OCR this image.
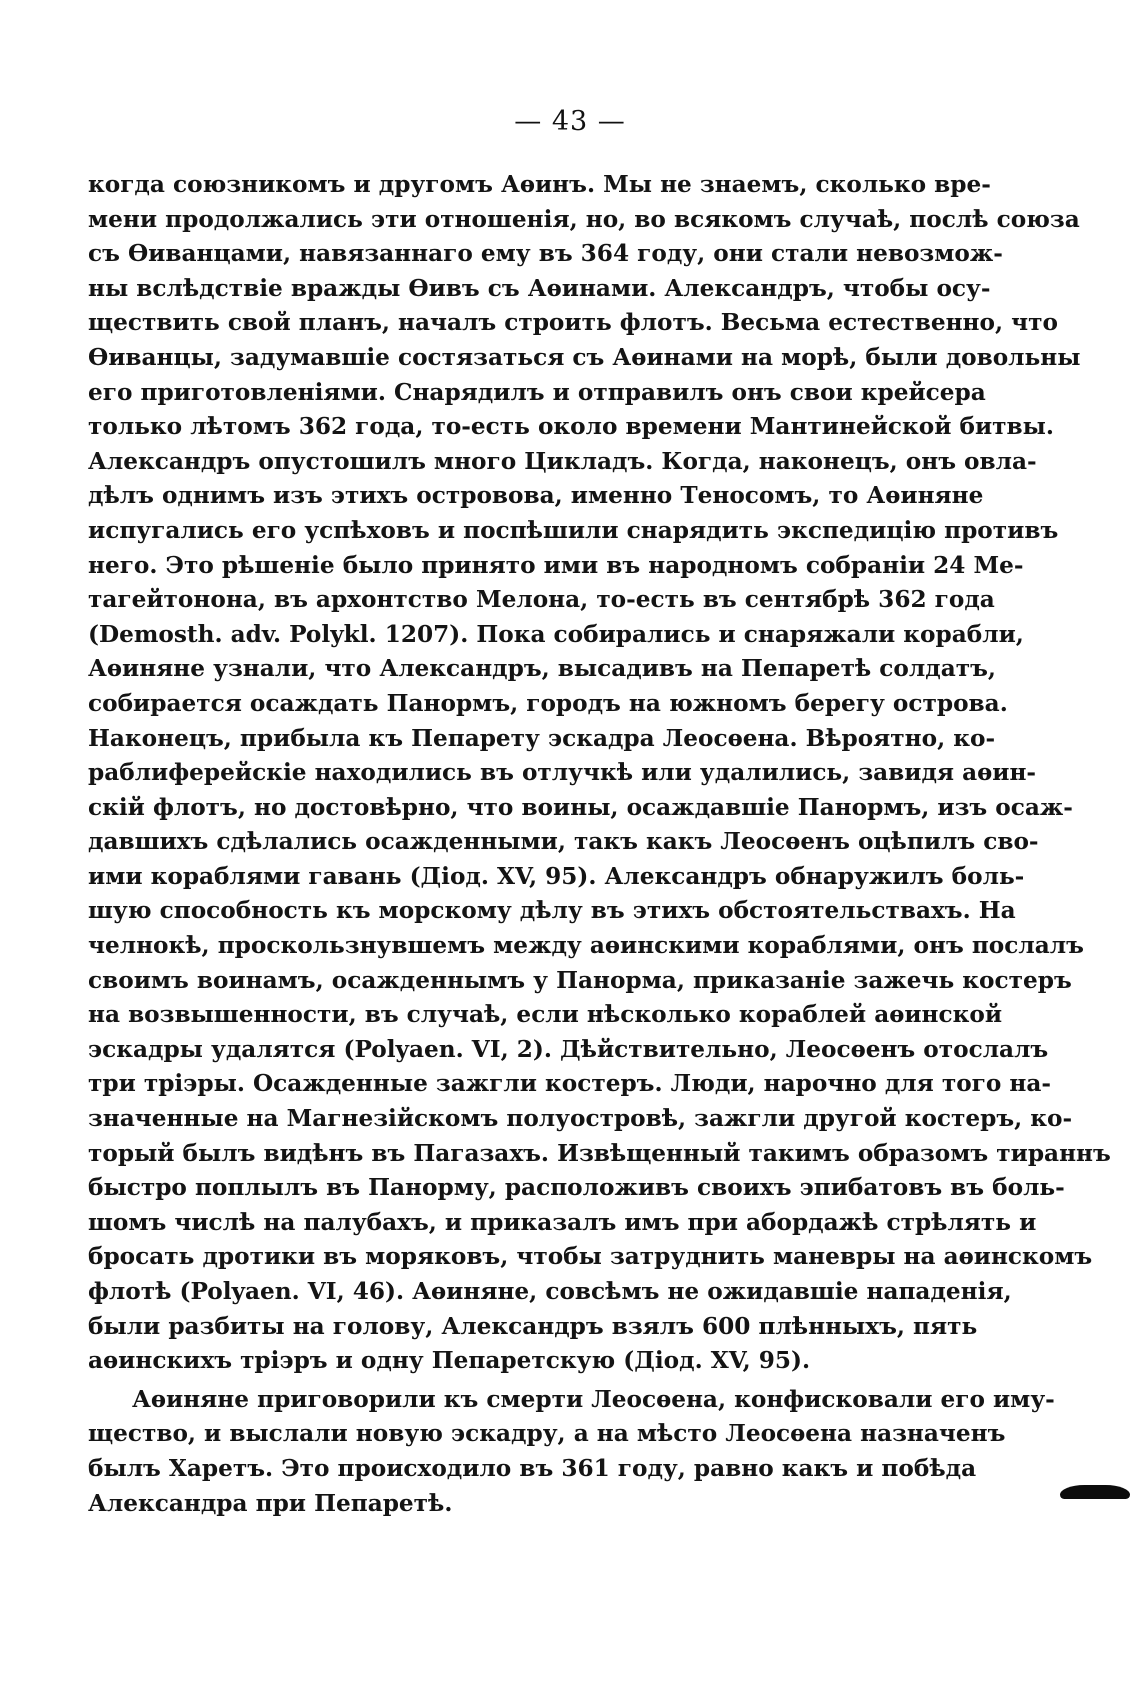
— 43 —
когда союзникомъ и другомъ Аѳинъ. Мы не знаемъ, сколько вре-
мени продолжались эти отношенія, но, во всякомъ случаѣ, послѣ союза
съ Ѳиванцами, навязаннаго ему въ 364 году, они стали невозмож-
ны вслѣдствіе вражды Ѳивъ съ Аѳинами. Александръ, чтобы осу-
ществить свой планъ, началъ строить флотъ. Весьма естественно, что
Ѳиванцы, задумавшіе состязаться съ Аѳинами на морѣ, были довольны
его приготовленіями. Снарядилъ и отправилъ онъ свои крейсера
только лѣтомъ 362 года, то-есть около времени Мантинейской битвы.
Александръ опустошилъ много Цикладъ. Когда, наконецъ, онъ овла-
дѣлъ однимъ изъ этихъ островова, именно Теносомъ, то Аѳиняне
испугались его успѣховъ и поспѣшили снарядить экспедицію противъ
него. Это рѣшеніе было принято ими въ народномъ собраніи 24 Ме-
тагейтонона, въ архонтство Мелона, то-есть въ сентябрѣ 362 года
(Demosth. adv. Polykl. 1207). Пока собирались и снаряжали корабли,
Аѳиняне узнали, что Александръ, высадивъ на Пепаретѣ солдатъ,
собирается осаждать Панормъ, городъ на южномъ берегу острова.
Наконецъ, прибыла къ Пепарету эскадра Леосѳена. Вѣроятно, ко-
раблиферейскіе находились въ отлучкѣ или удалились, завидя аѳин-
скій флотъ, но достовѣрно, что воины, осаждавшіе Панормъ, изъ осаж-
давшихъ сдѣлались осажденными, такъ какъ Леосѳенъ оцѣпилъ сво-
ими кораблями гавань (Діод. XV, 95). Александръ обнаружилъ боль-
шую способность къ морскому дѣлу въ этихъ обстоятельствахъ. На
челнокѣ, проскользнувшемъ между аѳинскими кораблями, онъ послалъ
своимъ воинамъ, осажденнымъ у Панорма, приказаніе зажечь костеръ
на возвышенности, въ случаѣ, если нѣсколько кораблей аѳинской
эскадры удалятся (Polyaen. VI, 2). Дѣйствительно, Леосѳенъ отослалъ
три тріэры. Осажденные зажгли костеръ. Люди, нарочно для того на-
значенные на Магнезійскомъ полуостровѣ, зажгли другой костеръ, ко-
торый былъ видѣнъ въ Пагазахъ. Извѣщенный такимъ образомъ тираннъ
быстро поплылъ въ Панорму, расположивъ своихъ эпибатовъ въ боль-
шомъ числѣ на палубахъ, и приказалъ имъ при абордажѣ стрѣлять и
бросать дротики въ моряковъ, чтобы затруднить маневры на аѳинскомъ
флотѣ (Polyaen. VI, 46). Аѳиняне, совсѣмъ не ожидавшіе нападенія,
были разбиты на голову, Александръ взялъ 600 плѣнныхъ, пять
аѳинскихъ тріэръ и одну Пепаретскую (Діод. XV, 95).
Аѳиняне приговорили къ смерти Леосѳена, конфисковали его иму-
щество, и выслали новую эскадру, а на мѣсто Леосѳена назначенъ
былъ Харетъ. Это происходило въ 361 году, равно какъ и побѣда
Александра при Пепаретѣ.
